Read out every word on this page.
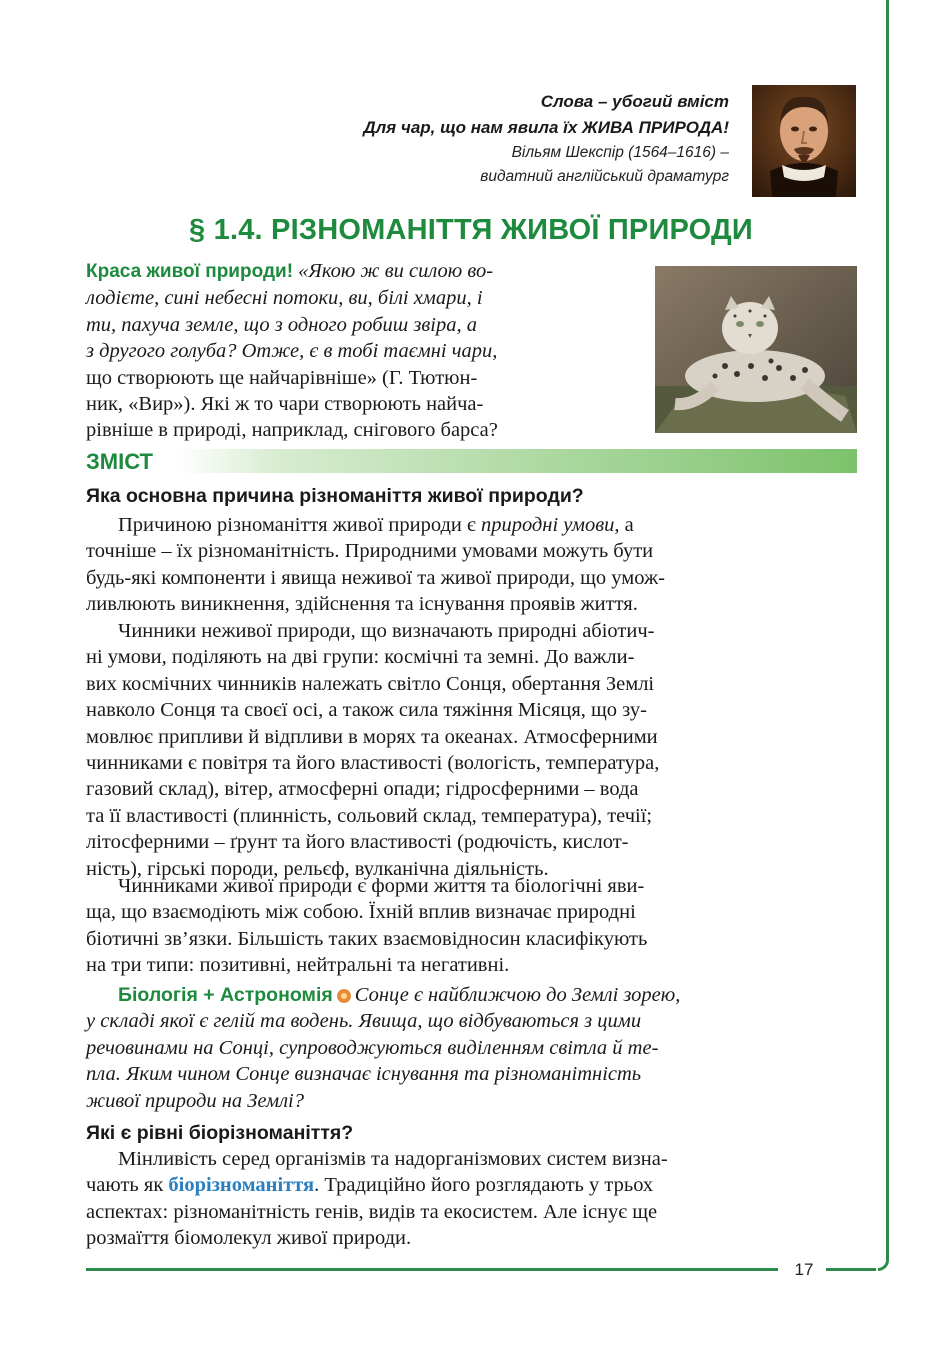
17
Слова – убогий вміст
Для чар, що нам явила їх ЖИВА ПРИРОДА!
Вільям Шекспір (1564–1616) –
видатний англійський драматург
§ 1.4. РІЗНОМАНІТТЯ ЖИВОЇ ПРИРОДИ
Краса живої природи! «Якою ж ви силою во-
лодієте, сині небесні потоки, ви, білі хмари, і
ти, пахуча земле, що з одного робиш звіра, а
з другого голуба? Отже, є в тобі таємні чари,
що створюють ще найчарівніше» (Г. Тютюн-
ник, «Вир»). Які ж то чари створюють найча-
рівніше в природі, наприклад, снігового барса?
ЗМІСТ
Яка основна причина різноманіття живої природи?
Причиною різноманіття живої природи є природні умови, а
точніше – їх різноманітність. Природними умовами можуть бути
будь-які компоненти і явища неживої та живої природи, що умож-
ливлюють виникнення, здійснення та існування проявів життя.
Чинники неживої природи, що визначають природні абіотич-
ні умови, поділяють на дві групи: космічні та земні. До важли-
вих космічних чинників належать світло Сонця, обертання Землі
навколо Сонця та своєї осі, а також сила тяжіння Місяця, що зу-
мовлює припливи й відпливи в морях та океанах. Атмосферними
чинниками є повітря та його властивості (вологість, температура,
газовий склад), вітер, атмосферні опади; гідросферними – вода
та її властивості (плинність, сольовий склад, температура), течії;
літосферними – ґрунт та його властивості (родючість, кислот-
ність), гірські породи, рельєф, вулканічна діяльність.
Чинниками живої природи є форми життя та біологічні яви-
ща, що взаємодіють між собою. Їхній вплив визначає природні
біотичні зв’язки. Більшість таких взаємовідносин класифікують
на три типи: позитивні, нейтральні та негативні.
Біологія + Астрономія Сонце є найближчою до Землі зорею,
у складі якої є гелій та водень. Явища, що відбуваються з цими
речовинами на Сонці, супроводжуються виділенням світла й те-
пла. Яким чином Сонце визначає існування та різноманітність
живої природи на Землі?
Які є рівні біорізноманіття?
Мінливість серед організмів та надорганізмових систем визна-
чають як біорізноманіття. Традиційно його розглядають у трьох
аспектах: різноманітність генів, видів та екосистем. Але існує ще
розмаїття біомолекул живої природи.
